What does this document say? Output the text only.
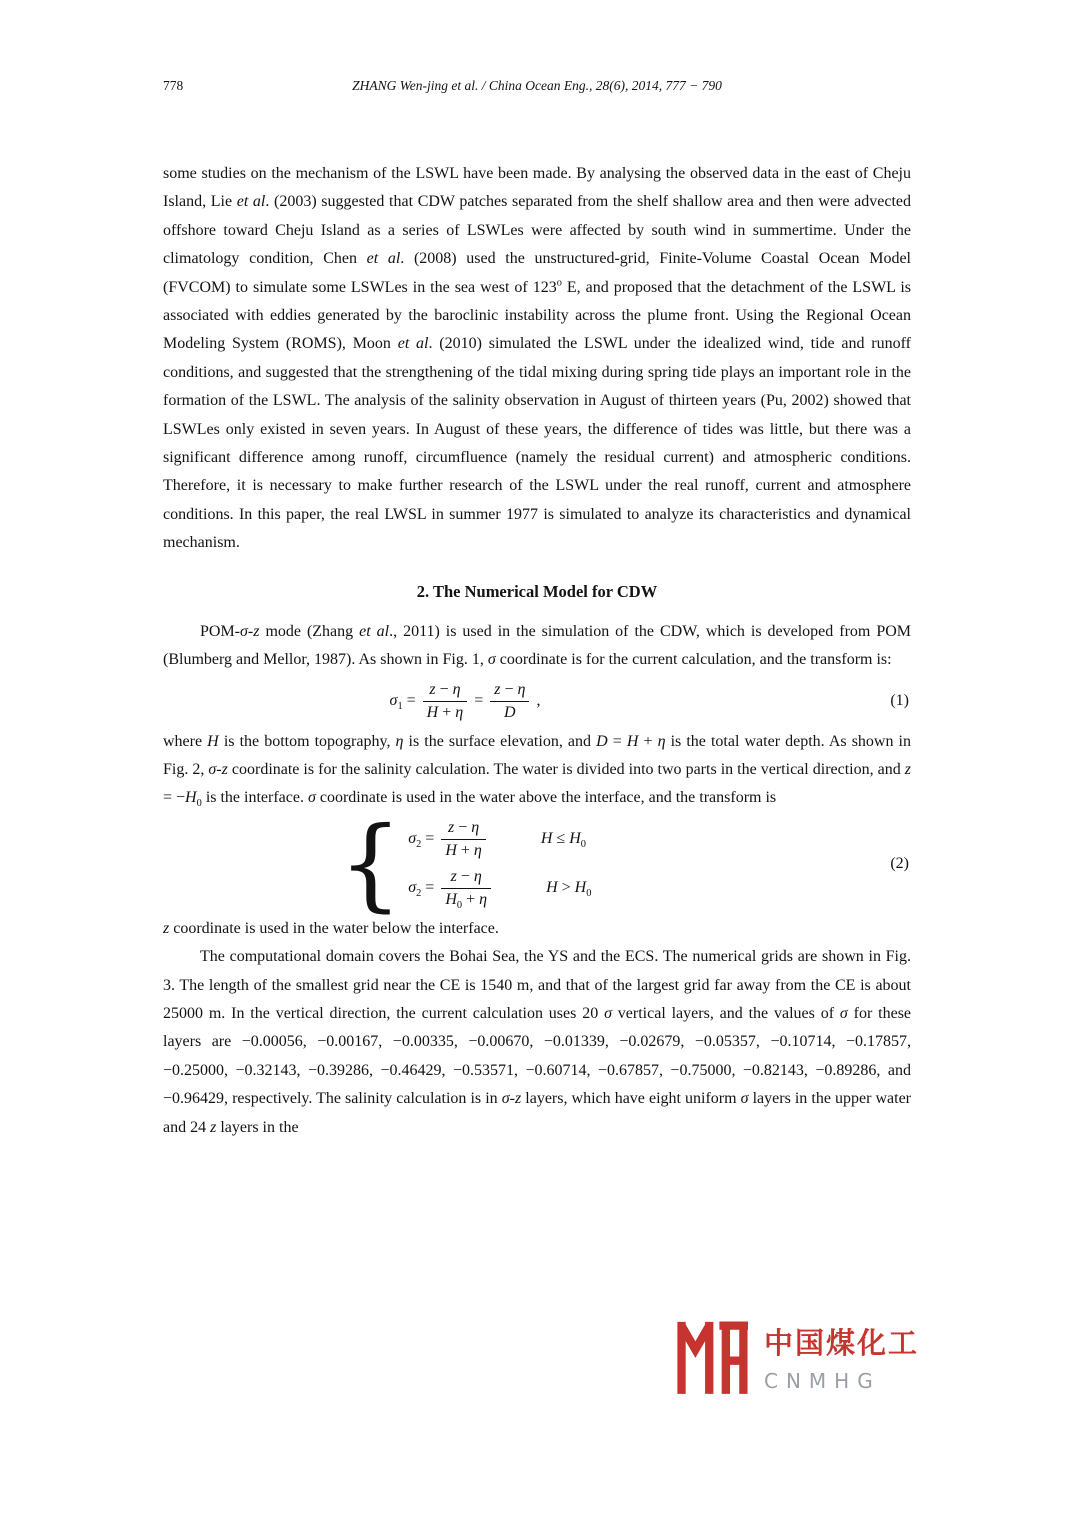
778	ZHANG Wen-jing et al. / China Ocean Eng., 28(6), 2014, 777 − 790

some studies on the mechanism of the LSWL have been made. By analysing the observed data in the east of Cheju Island, Lie et al. (2003) suggested that CDW patches separated from the shelf shallow area and then were advected offshore toward Cheju Island as a series of LSWLes were affected by south wind in summertime. Under the climatology condition, Chen et al. (2008) used the unstructured-grid, Finite-Volume Coastal Ocean Model (FVCOM) to simulate some LSWLes in the sea west of 123$^o$ E, and proposed that the detachment of the LSWL is associated with eddies generated by the baroclinic instability across the plume front. Using the Regional Ocean Modeling System (ROMS), Moon et al. (2010) simulated the LSWL under the idealized wind, tide and runoff conditions, and suggested that the strengthening of the tidal mixing during spring tide plays an important role in the formation of the LSWL. The analysis of the salinity observation in August of thirteen years (Pu, 2002) showed that LSWLes only existed in seven years. In August of these years, the difference of tides was little, but there was a significant difference among runoff, circumfluence (namely the residual current) and atmospheric conditions. Therefore, it is necessary to make further research of the LSWL under the real runoff, current and atmosphere conditions. In this paper, the real LWSL in summer 1977 is simulated to analyze its characteristics and dynamical mechanism.

2. The Numerical Model for CDW

POM-σ-z mode (Zhang et al., 2011) is used in the simulation of the CDW, which is developed from POM (Blumberg and Mellor, 1987). As shown in Fig. 1, σ coordinate is for the current calculation, and the transform is:

$\sigma_1 = \frac{z - \eta}{H + \eta} = \frac{z - \eta}{D}$ ,	(1)

where H is the bottom topography, η is the surface elevation, and D = H + η is the total water depth. As shown in Fig. 2, σ-z coordinate is for the salinity calculation. The water is divided into two parts in the vertical direction, and $z = -H_0$ is the interface. σ coordinate is used in the water above the interface, and the transform is

{ $\sigma_2 = \frac{z - \eta}{H + \eta}$	$H \le H_0$
$\sigma_2 = \frac{z - \eta}{H_0 + \eta}$	$H > H_0$
(2)

z coordinate is used in the water below the interface.

The computational domain covers the Bohai Sea, the YS and the ECS. The numerical grids are shown in Fig. 3. The length of the smallest grid near the CE is 1540 m, and that of the largest grid far away from the CE is about 25000 m. In the vertical direction, the current calculation uses 20 σ vertical layers, and the values of σ for these layers are −0.00056, −0.00167, −0.00335, −0.00670, −0.01339, −0.02679, −0.05357, −0.10714, −0.17857, −0.25000, −0.32143, −0.39286, −0.46429, −0.53571, −0.60714, −0.67857, −0.75000, −0.82143, −0.89286, and −0.96429, respectively. The salinity calculation is in σ-z layers, which have eight uniform σ layers in the upper water and 24 z layers in the

中国煤化工
CNMHG
